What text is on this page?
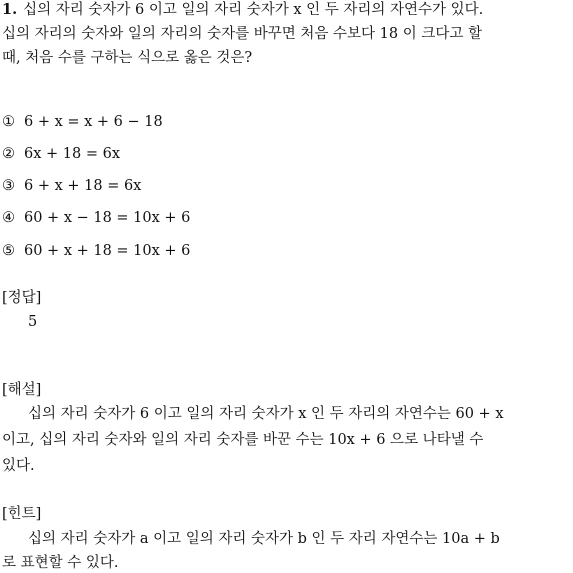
1. 십의 자리 숫자가 6 이고 일의 자리 숫자가 x 인 두 자리의 자연수가 있다.
십의 자리의 숫자와 일의 자리의 숫자를 바꾸면 처음 수보다 18 이 크다고 할
때, 처음 수를 구하는 식으로 옳은 것은?
① 6 + x = x + 6 − 18
② 6x + 18 = 6x
③ 6 + x + 18 = 6x
④ 60 + x − 18 = 10x + 6
⑤ 60 + x + 18 = 10x + 6
[정답]
5
[해설]
십의 자리 숫자가 6 이고 일의 자리 숫자가 x 인 두 자리의 자연수는 60 + x
이고, 십의 자리 숫자와 일의 자리 숫자를 바꾼 수는 10x + 6 으로 나타낼 수
있다.
[힌트]
십의 자리 숫자가 a 이고 일의 자리 숫자가 b 인 두 자리 자연수는 10a + b
로 표현할 수 있다.
